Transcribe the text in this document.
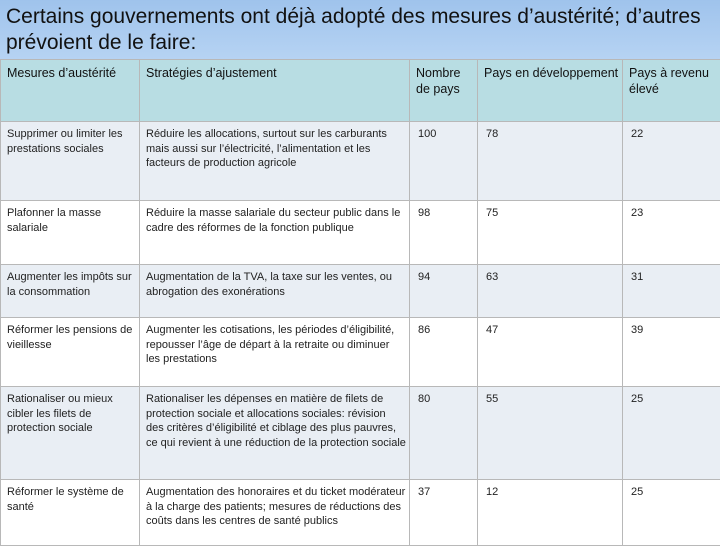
Certains gouvernements ont déjà adopté des mesures d’austérité; d’autres prévoient de le faire:
Mesures d’austérité	Stratégies d’ajustement	Nombre de pays	Pays en développement	Pays à revenu élevé
Supprimer ou limiter les prestations sociales	Réduire les allocations, surtout sur les carburants mais aussi sur l’électricité, l’alimentation et les facteurs de production agricole	100	78	22
Plafonner la masse salariale	Réduire la masse salariale du secteur public dans le cadre des réformes de la fonction publique	98	75	23
Augmenter les impôts sur la consommation	Augmentation de la TVA, la taxe sur les ventes, ou abrogation des exonérations	94	63	31
Réformer les pensions de vieillesse	Augmenter les cotisations, les périodes d’éligibilité, repousser l’âge de départ à la retraite ou diminuer les prestations	86	47	39
Rationaliser ou mieux cibler les filets de protection sociale	Rationaliser les dépenses en matière de filets de protection sociale et allocations sociales: révision des critères d’éligibilité et ciblage des plus pauvres, ce qui revient à une réduction de la protection sociale	80	55	25
Réformer le système de santé	Augmentation des honoraires et du ticket modérateur à la charge des patients; mesures de réductions des coûts dans les centres de santé publics	37	12	25
